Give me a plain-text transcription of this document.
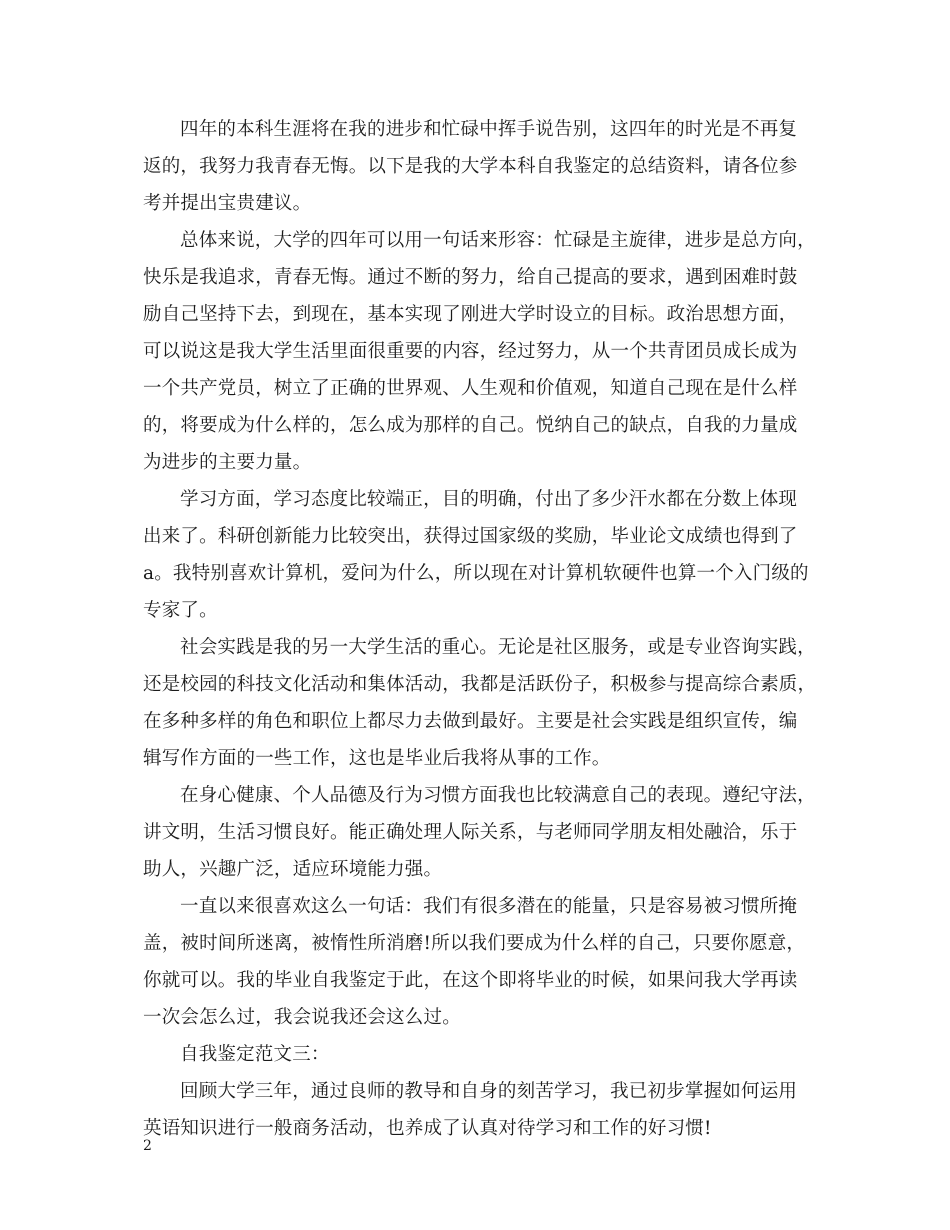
四年的本科生涯将在我的进步和忙碌中挥手说告别，这四年的时光是不再复
返的，我努力我青春无悔。以下是我的大学本科自我鉴定的总结资料，请各位参
考并提出宝贵建议。
总体来说，大学的四年可以用一句话来形容：忙碌是主旋律，进步是总方向，
快乐是我追求，青春无悔。通过不断的努力，给自己提高的要求，遇到困难时鼓
励自己坚持下去，到现在，基本实现了刚进大学时设立的目标。政治思想方面，
可以说这是我大学生活里面很重要的内容，经过努力，从一个共青团员成长成为
一个共产党员，树立了正确的世界观、人生观和价值观，知道自己现在是什么样
的，将要成为什么样的，怎么成为那样的自己。悦纳自己的缺点，自我的力量成
为进步的主要力量。
学习方面，学习态度比较端正，目的明确，付出了多少汗水都在分数上体现
出来了。科研创新能力比较突出，获得过国家级的奖励，毕业论文成绩也得到了
a。我特别喜欢计算机，爱问为什么，所以现在对计算机软硬件也算一个入门级的
专家了。
社会实践是我的另一大学生活的重心。无论是社区服务，或是专业咨询实践，
还是校园的科技文化活动和集体活动，我都是活跃份子，积极参与提高综合素质，
在多种多样的角色和职位上都尽力去做到最好。主要是社会实践是组织宣传，编
辑写作方面的一些工作，这也是毕业后我将从事的工作。
在身心健康、个人品德及行为习惯方面我也比较满意自己的表现。遵纪守法，
讲文明，生活习惯良好。能正确处理人际关系，与老师同学朋友相处融洽，乐于
助人，兴趣广泛，适应环境能力强。
一直以来很喜欢这么一句话：我们有很多潜在的能量，只是容易被习惯所掩
盖，被时间所迷离，被惰性所消磨!所以我们要成为什么样的自己，只要你愿意，
你就可以。我的毕业自我鉴定于此，在这个即将毕业的时候，如果问我大学再读
一次会怎么过，我会说我还会这么过。
自我鉴定范文三：
回顾大学三年，通过良师的教导和自身的刻苦学习，我已初步掌握如何运用
英语知识进行一般商务活动，也养成了认真对待学习和工作的好习惯!
2
